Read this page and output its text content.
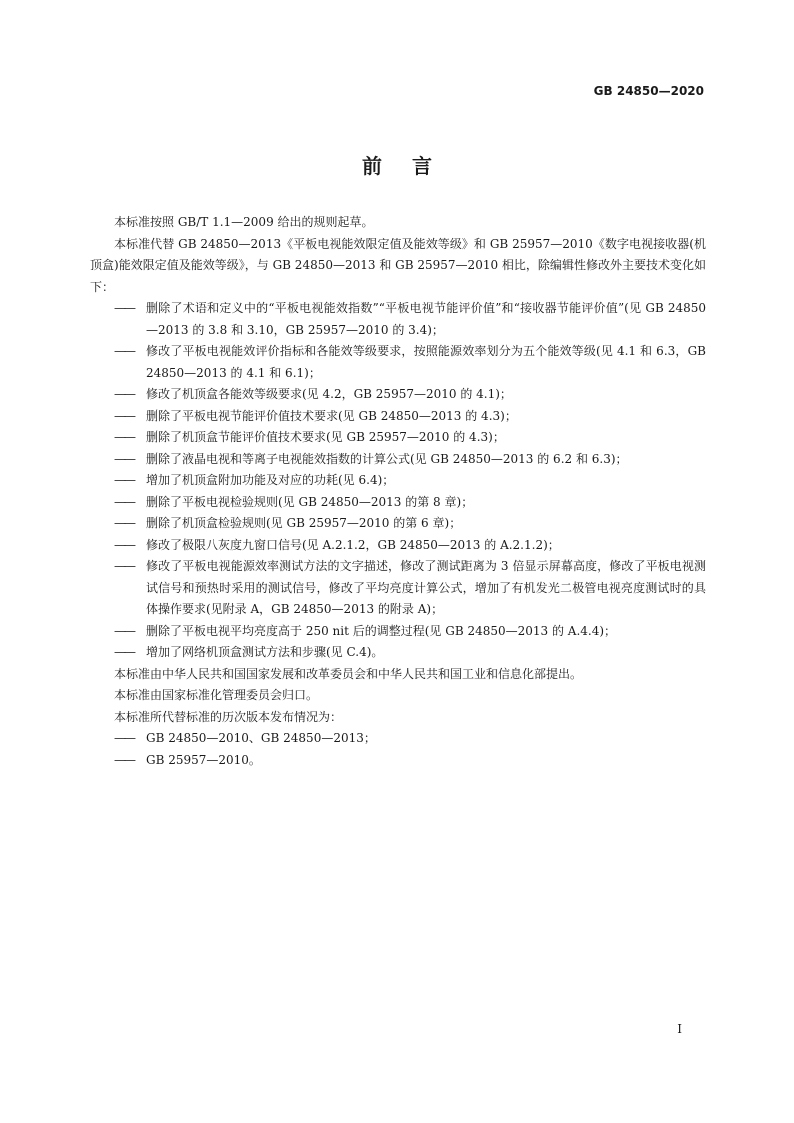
GB 24850—2020
前言

本标准按照 GB/T 1.1—2009 给出的规则起草。

本标准代替 GB 24850—2013《平板电视能效限定值及能效等级》和 GB 25957—2010《数字电视接收器(机顶盒)能效限定值及能效等级》，与 GB 24850—2013 和 GB 25957—2010 相比，除编辑性修改外主要技术变化如下：

—— 删除了术语和定义中的“平板电视能效指数”“平板电视节能评价值”和“接收器节能评价值”(见 GB 24850—2013 的 3.8 和 3.10，GB 25957—2010 的 3.4)；

—— 修改了平板电视能效评价指标和各能效等级要求，按照能源效率划分为五个能效等级(见 4.1 和 6.3，GB 24850—2013 的 4.1 和 6.1)；

—— 修改了机顶盒各能效等级要求(见 4.2，GB 25957—2010 的 4.1)；

—— 删除了平板电视节能评价值技术要求(见 GB 24850—2013 的 4.3)；

—— 删除了机顶盒节能评价值技术要求(见 GB 25957—2010 的 4.3)；

—— 删除了液晶电视和等离子电视能效指数的计算公式(见 GB 24850—2013 的 6.2 和 6.3)；

—— 增加了机顶盒附加功能及对应的功耗(见 6.4)；

—— 删除了平板电视检验规则(见 GB 24850—2013 的第 8 章)；

—— 删除了机顶盒检验规则(见 GB 25957—2010 的第 6 章)；

—— 修改了极限八灰度九窗口信号(见 A.2.1.2，GB 24850—2013 的 A.2.1.2)；

—— 修改了平板电视能源效率测试方法的文字描述，修改了测试距离为 3 倍显示屏幕高度，修改了平板电视测试信号和预热时采用的测试信号，修改了平均亮度计算公式，增加了有机发光二极管电视亮度测试时的具体操作要求(见附录 A，GB 24850—2013 的附录 A)；

—— 删除了平板电视平均亮度高于 250 nit 后的调整过程(见 GB 24850—2013 的 A.4.4)；

—— 增加了网络机顶盒测试方法和步骤(见 C.4)。

本标准由中华人民共和国国家发展和改革委员会和中华人民共和国工业和信息化部提出。

本标准由国家标准化管理委员会归口。

本标准所代替标准的历次版本发布情况为：

—— GB 24850—2010、GB 24850—2013；

—— GB 25957—2010。

I
